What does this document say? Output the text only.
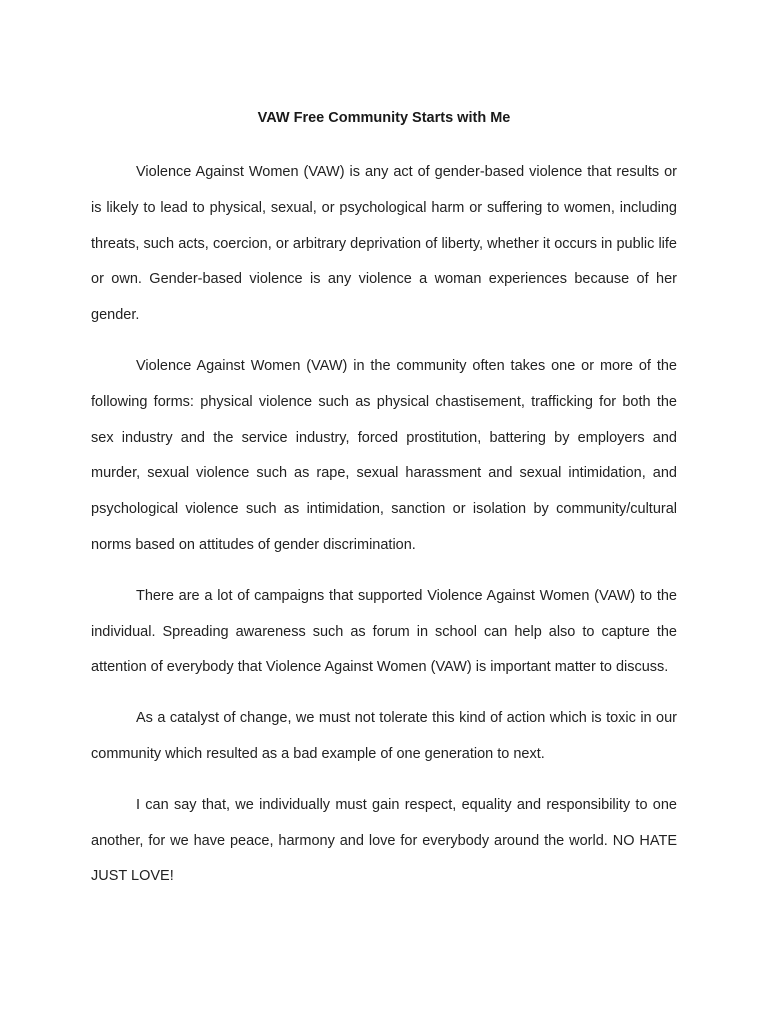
VAW Free Community Starts with Me

Violence Against Women (VAW) is any act of gender-based violence that results or is likely to lead to physical, sexual, or psychological harm or suffering to women, including threats, such acts, coercion, or arbitrary deprivation of liberty, whether it occurs in public life or own. Gender-based violence is any violence a woman experiences because of her gender.

Violence Against Women (VAW) in the community often takes one or more of the following forms: physical violence such as physical chastisement, trafficking for both the sex industry and the service industry, forced prostitution, battering by employers and murder, sexual violence such as rape, sexual harassment and sexual intimidation, and psychological violence such as intimidation, sanction or isolation by community/cultural norms based on attitudes of gender discrimination.

There are a lot of campaigns that supported Violence Against Women (VAW) to the individual. Spreading awareness such as forum in school can help also to capture the attention of everybody that Violence Against Women (VAW) is important matter to discuss.

As a catalyst of change, we must not tolerate this kind of action which is toxic in our community which resulted as a bad example of one generation to next.

I can say that, we individually must gain respect, equality and responsibility to one another, for we have peace, harmony and love for everybody around the world. NO HATE JUST LOVE!
